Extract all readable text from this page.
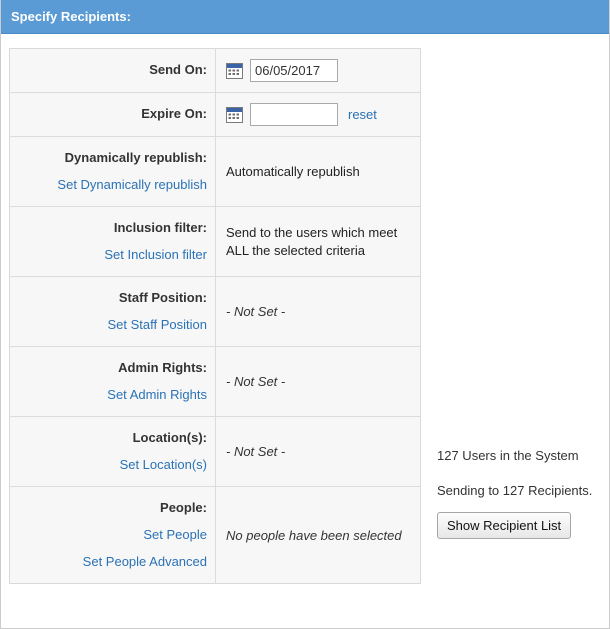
Specify Recipients:
Send On:

06/05/2017

Expire On:	reset

Dynamically republish:
Set Dynamically republish	Automatically republish

Inclusion filter:
Set Inclusion filter	Send to the users which meet ALL the selected criteria

Staff Position:
Set Staff Position	- Not Set -

Admin Rights:
Set Admin Rights	- Not Set -

Location(s):
Set Location(s)	- Not Set -

People:
Set People
Set People Advanced	No people have been selected

127 Users in the System

Sending to 127 Recipients.

Show Recipient List
